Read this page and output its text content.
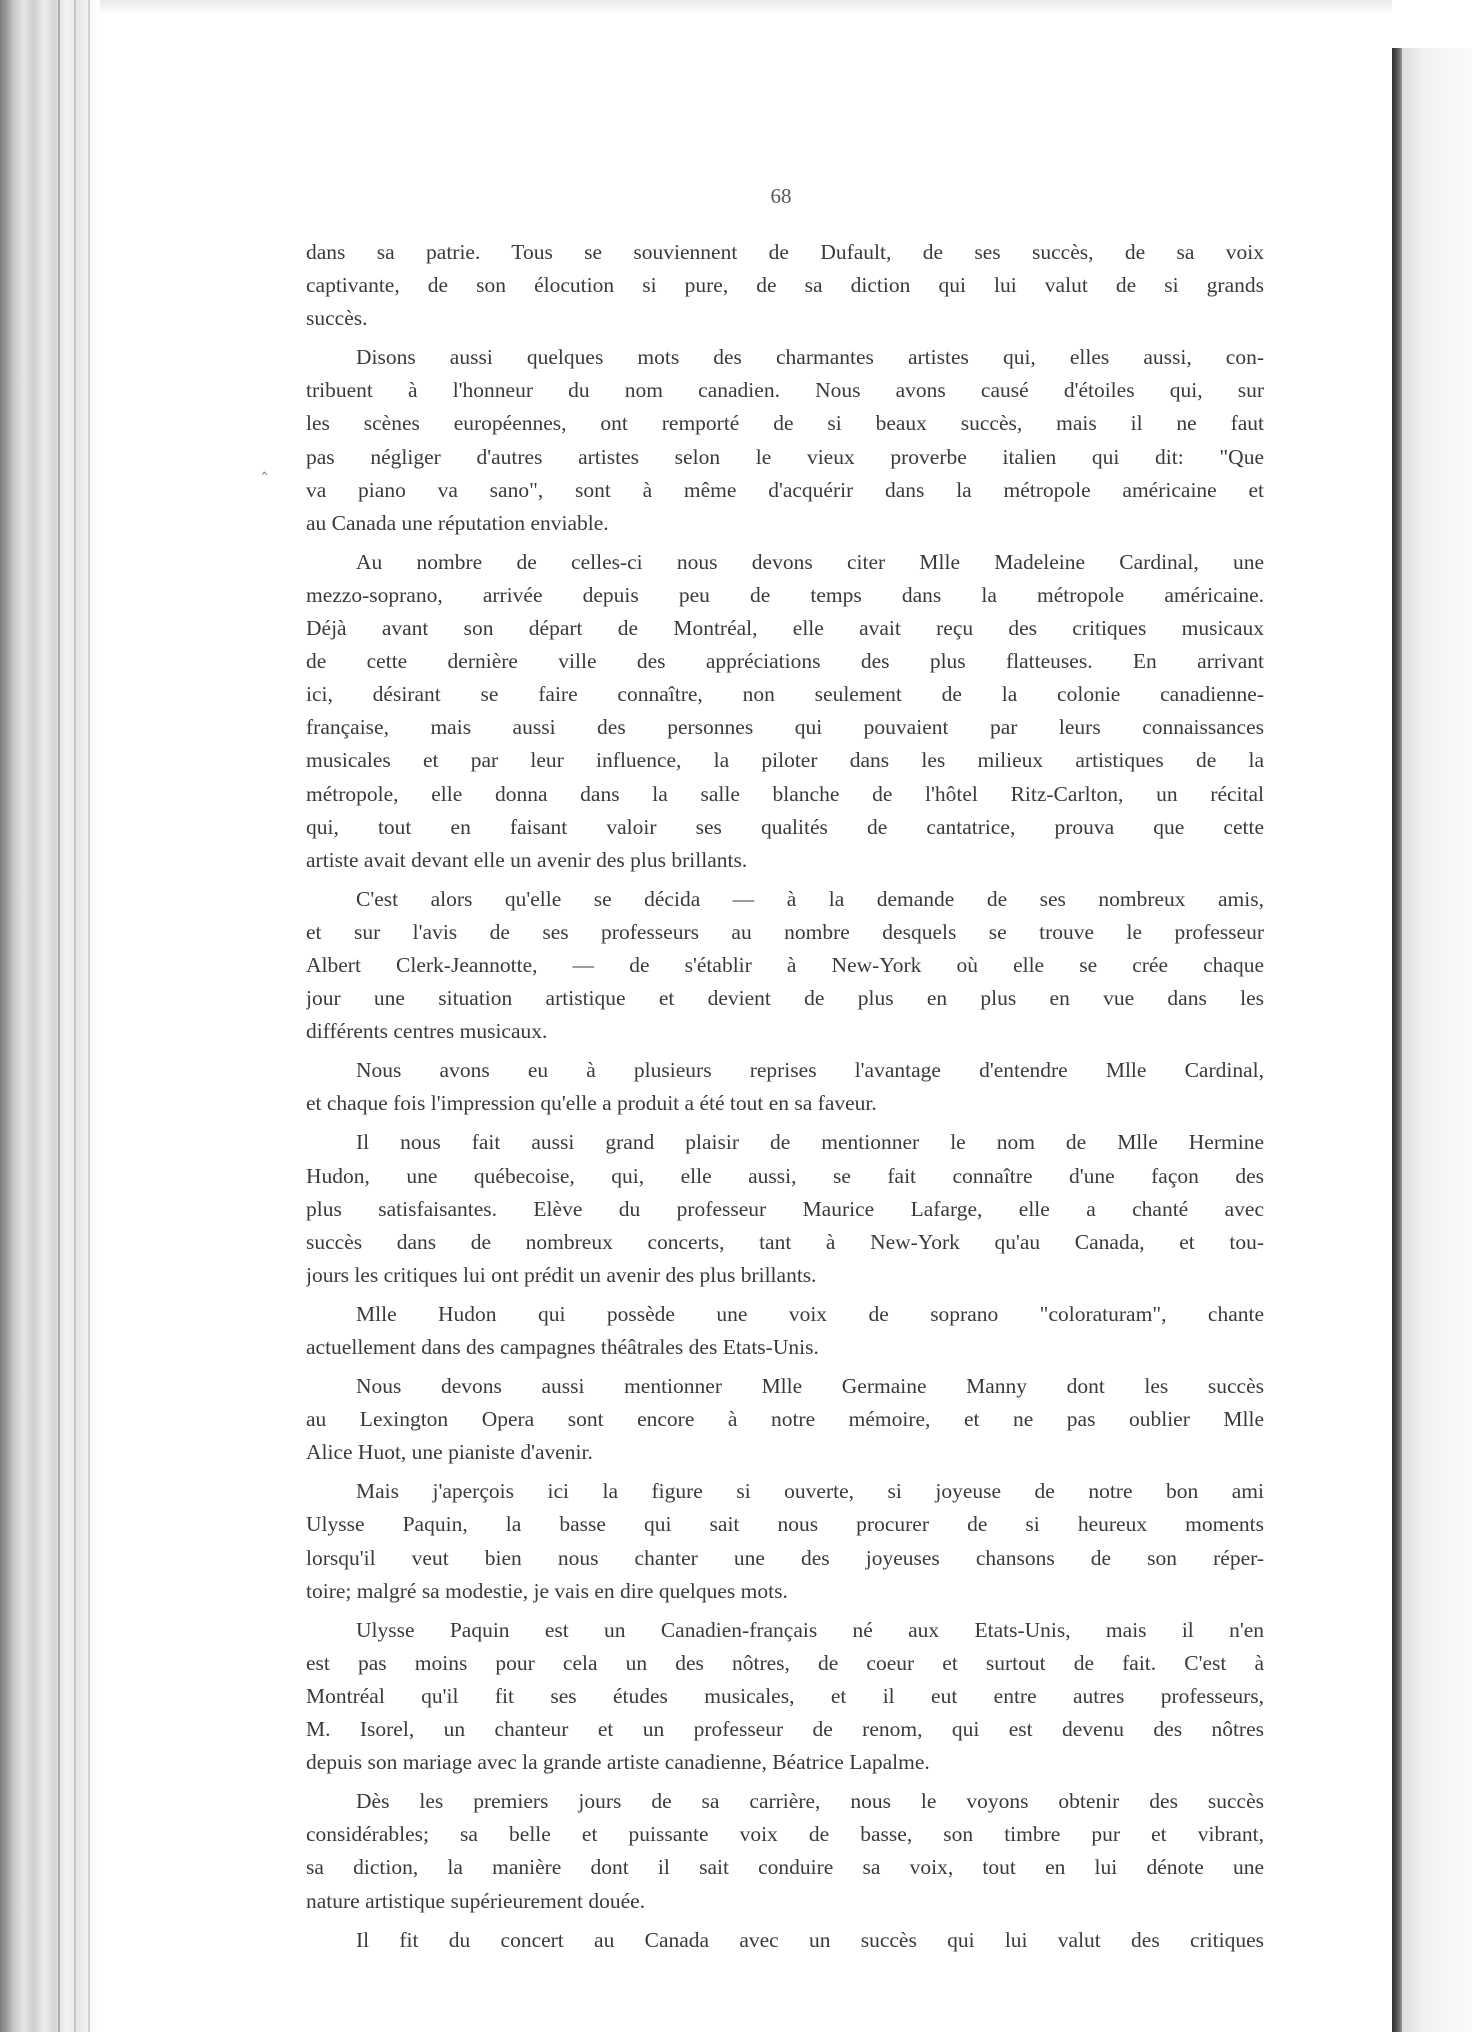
ˆ
68
dans sa patrie. Tous se souviennent de Dufault, de ses succès, de sa voix
captivante, de son élocution si pure, de sa diction qui lui valut de si grands
succès.
Disons aussi quelques mots des charmantes artistes qui, elles aussi, con-
tribuent à l'honneur du nom canadien. Nous avons causé d'étoiles qui, sur
les scènes européennes, ont remporté de si beaux succès, mais il ne faut
pas négliger d'autres artistes selon le vieux proverbe italien qui dit: "Que
va piano va sano", sont à même d'acquérir dans la métropole américaine et
au Canada une réputation enviable.
Au nombre de celles-ci nous devons citer Mlle Madeleine Cardinal, une
mezzo-soprano, arrivée depuis peu de temps dans la métropole américaine.
Déjà avant son départ de Montréal, elle avait reçu des critiques musicaux
de cette dernière ville des appréciations des plus flatteuses. En arrivant
ici, désirant se faire connaître, non seulement de la colonie canadienne-
française, mais aussi des personnes qui pouvaient par leurs connaissances
musicales et par leur influence, la piloter dans les milieux artistiques de la
métropole, elle donna dans la salle blanche de l'hôtel Ritz-Carlton, un récital
qui, tout en faisant valoir ses qualités de cantatrice, prouva que cette
artiste avait devant elle un avenir des plus brillants.
C'est alors qu'elle se décida — à la demande de ses nombreux amis,
et sur l'avis de ses professeurs au nombre desquels se trouve le professeur
Albert Clerk-Jeannotte, — de s'établir à New-York où elle se crée chaque
jour une situation artistique et devient de plus en plus en vue dans les
différents centres musicaux.
Nous avons eu à plusieurs reprises l'avantage d'entendre Mlle Cardinal,
et chaque fois l'impression qu'elle a produit a été tout en sa faveur.
Il nous fait aussi grand plaisir de mentionner le nom de Mlle Hermine
Hudon, une québecoise, qui, elle aussi, se fait connaître d'une façon des
plus satisfaisantes. Elève du professeur Maurice Lafarge, elle a chanté avec
succès dans de nombreux concerts, tant à New-York qu'au Canada, et tou-
jours les critiques lui ont prédit un avenir des plus brillants.
Mlle Hudon qui possède une voix de soprano "coloraturam", chante
actuellement dans des campagnes théâtrales des Etats-Unis.
Nous devons aussi mentionner Mlle Germaine Manny dont les succès
au Lexington Opera sont encore à notre mémoire, et ne pas oublier Mlle
Alice Huot, une pianiste d'avenir.
Mais j'aperçois ici la figure si ouverte, si joyeuse de notre bon ami
Ulysse Paquin, la basse qui sait nous procurer de si heureux moments
lorsqu'il veut bien nous chanter une des joyeuses chansons de son réper-
toire; malgré sa modestie, je vais en dire quelques mots.
Ulysse Paquin est un Canadien-français né aux Etats-Unis, mais il n'en
est pas moins pour cela un des nôtres, de coeur et surtout de fait. C'est à
Montréal qu'il fit ses études musicales, et il eut entre autres professeurs,
M. Isorel, un chanteur et un professeur de renom, qui est devenu des nôtres
depuis son mariage avec la grande artiste canadienne, Béatrice Lapalme.
Dès les premiers jours de sa carrière, nous le voyons obtenir des succès
considérables; sa belle et puissante voix de basse, son timbre pur et vibrant,
sa diction, la manière dont il sait conduire sa voix, tout en lui dénote une
nature artistique supérieurement douée.
Il fit du concert au Canada avec un succès qui lui valut des critiques
